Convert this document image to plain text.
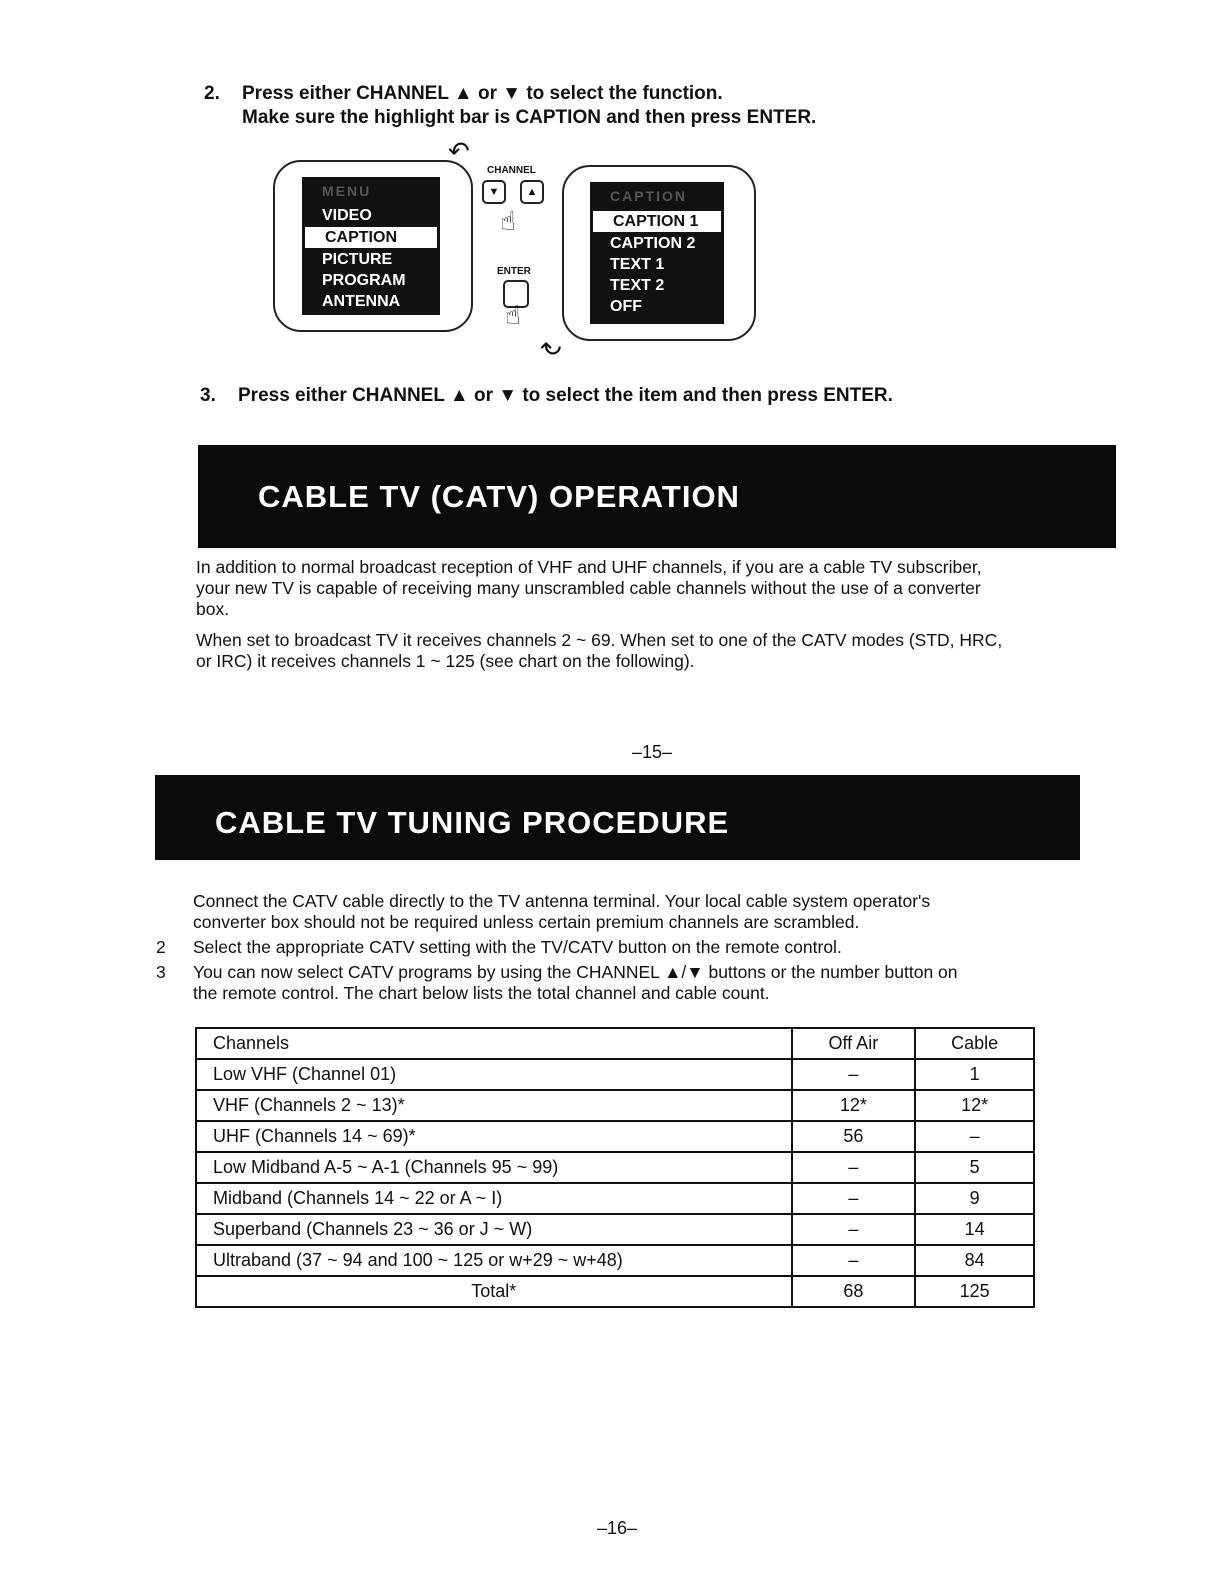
2. Press either CHANNEL ▲ or ▼ to select the function.
Make sure the highlight bar is CAPTION and then press ENTER.
MENU
VIDEO
CAPTION
PICTURE
PROGRAM
ANTENNA
↶
CHANNEL
▼	▲
☝
ENTER
☝
↶
CAPTION
CAPTION 1
CAPTION 2
TEXT 1
TEXT 2
OFF
3. Press either CHANNEL ▲ or ▼ to select the item and then press ENTER.
CABLE TV (CATV) OPERATION
In addition to normal broadcast reception of VHF and UHF channels, if you are a cable TV subscriber,
your new TV is capable of receiving many unscrambled cable channels without the use of a converter
box.
When set to broadcast TV it receives channels 2 ~ 69. When set to one of the CATV modes (STD, HRC,
or IRC) it receives channels 1 ~ 125 (see chart on the following).
–15–
CABLE TV TUNING PROCEDURE
Connect the CATV cable directly to the TV antenna terminal. Your local cable system operator's
converter box should not be required unless certain premium channels are scrambled.
2 Select the appropriate CATV setting with the TV/CATV button on the remote control.
3 You can now select CATV programs by using the CHANNEL ▲/▼ buttons or the number button on
the remote control. The chart below lists the total channel and cable count.
Channels	Off Air	Cable
Low VHF (Channel 01)	–	1
VHF (Channels 2 ~ 13)*	12*	12*
UHF (Channels 14 ~ 69)*	56	–
Low Midband A-5 ~ A-1 (Channels 95 ~ 99)	–	5
Midband (Channels 14 ~ 22 or A ~ I)	–	9
Superband (Channels 23 ~ 36 or J ~ W)	–	14
Ultraband (37 ~ 94 and 100 ~ 125 or w+29 ~ w+48)	–	84
Total*	68	125
–16–
